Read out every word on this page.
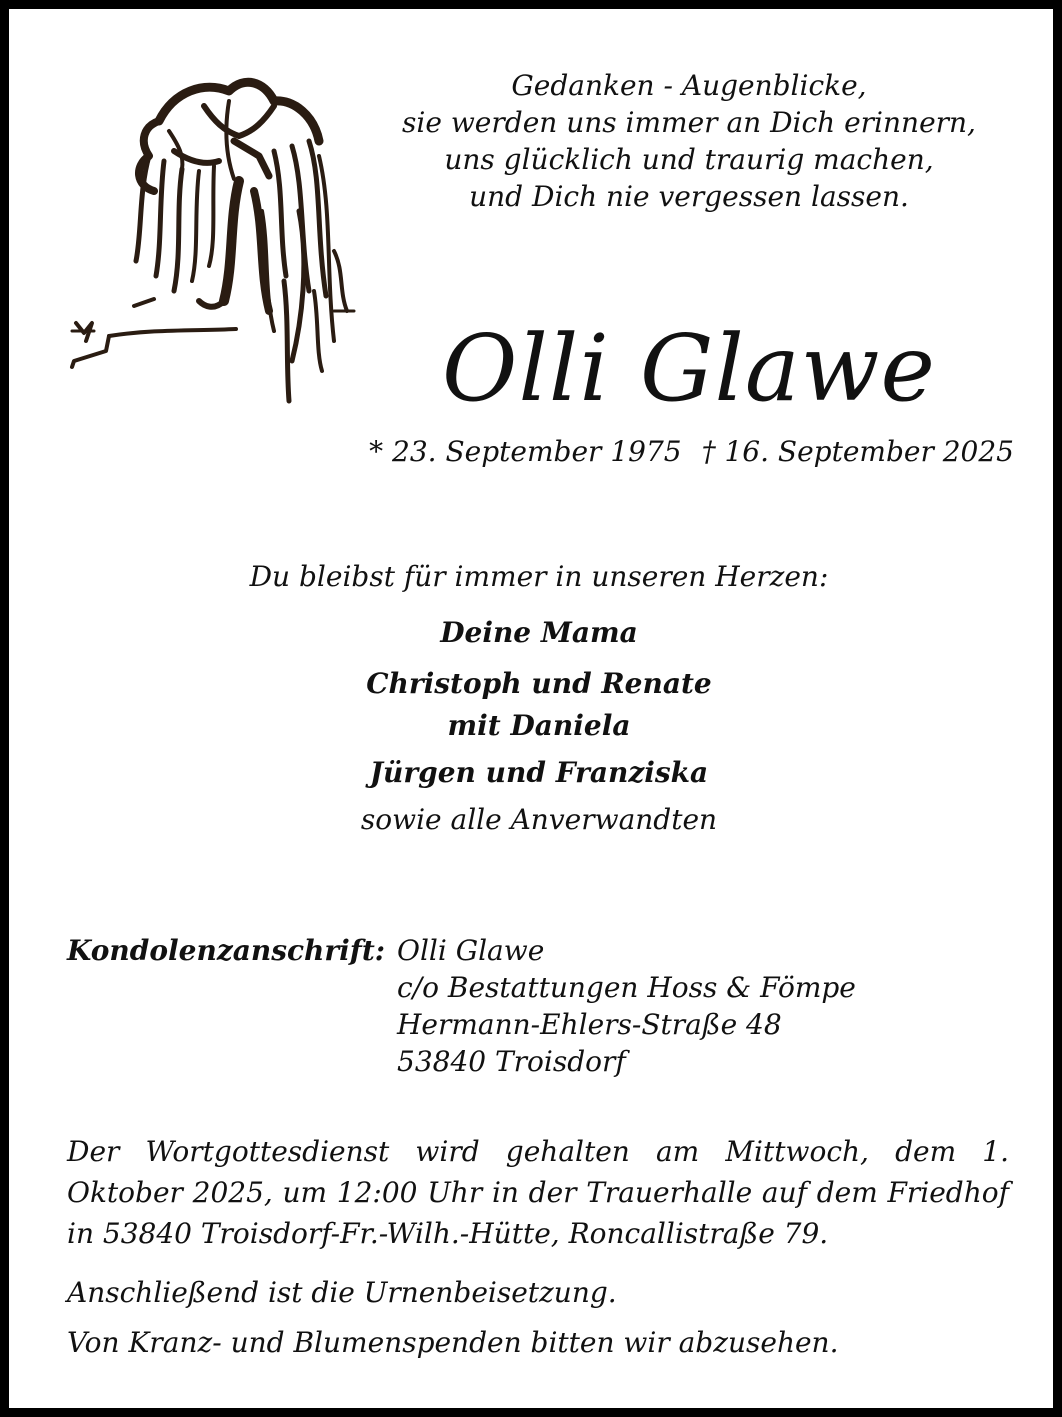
Gedanken - Augenblicke,
sie werden uns immer an Dich erinnern,
uns glücklich und traurig machen,
und Dich nie vergessen lassen.
Olli Glawe
* 23. September 1975 † 16. September 2025
Du bleibst für immer in unseren Herzen:
Deine Mama
Christoph und Renate
mit Daniela
Jürgen und Franziska
sowie alle Anverwandten
Kondolenzanschrift: Olli Glawe
c/o Bestattungen Hoss & Fömpe
Hermann-Ehlers-Straße 48
53840 Troisdorf
Der Wortgottesdienst wird gehalten am Mittwoch, dem 1. Oktober 2025, um 12:00 Uhr in der Trauerhalle auf dem Friedhof in 53840 Troisdorf-Fr.-Wilh.-Hütte, Roncallistraße 79.
Anschließend ist die Urnenbeisetzung.
Von Kranz- und Blumenspenden bitten wir abzusehen.
